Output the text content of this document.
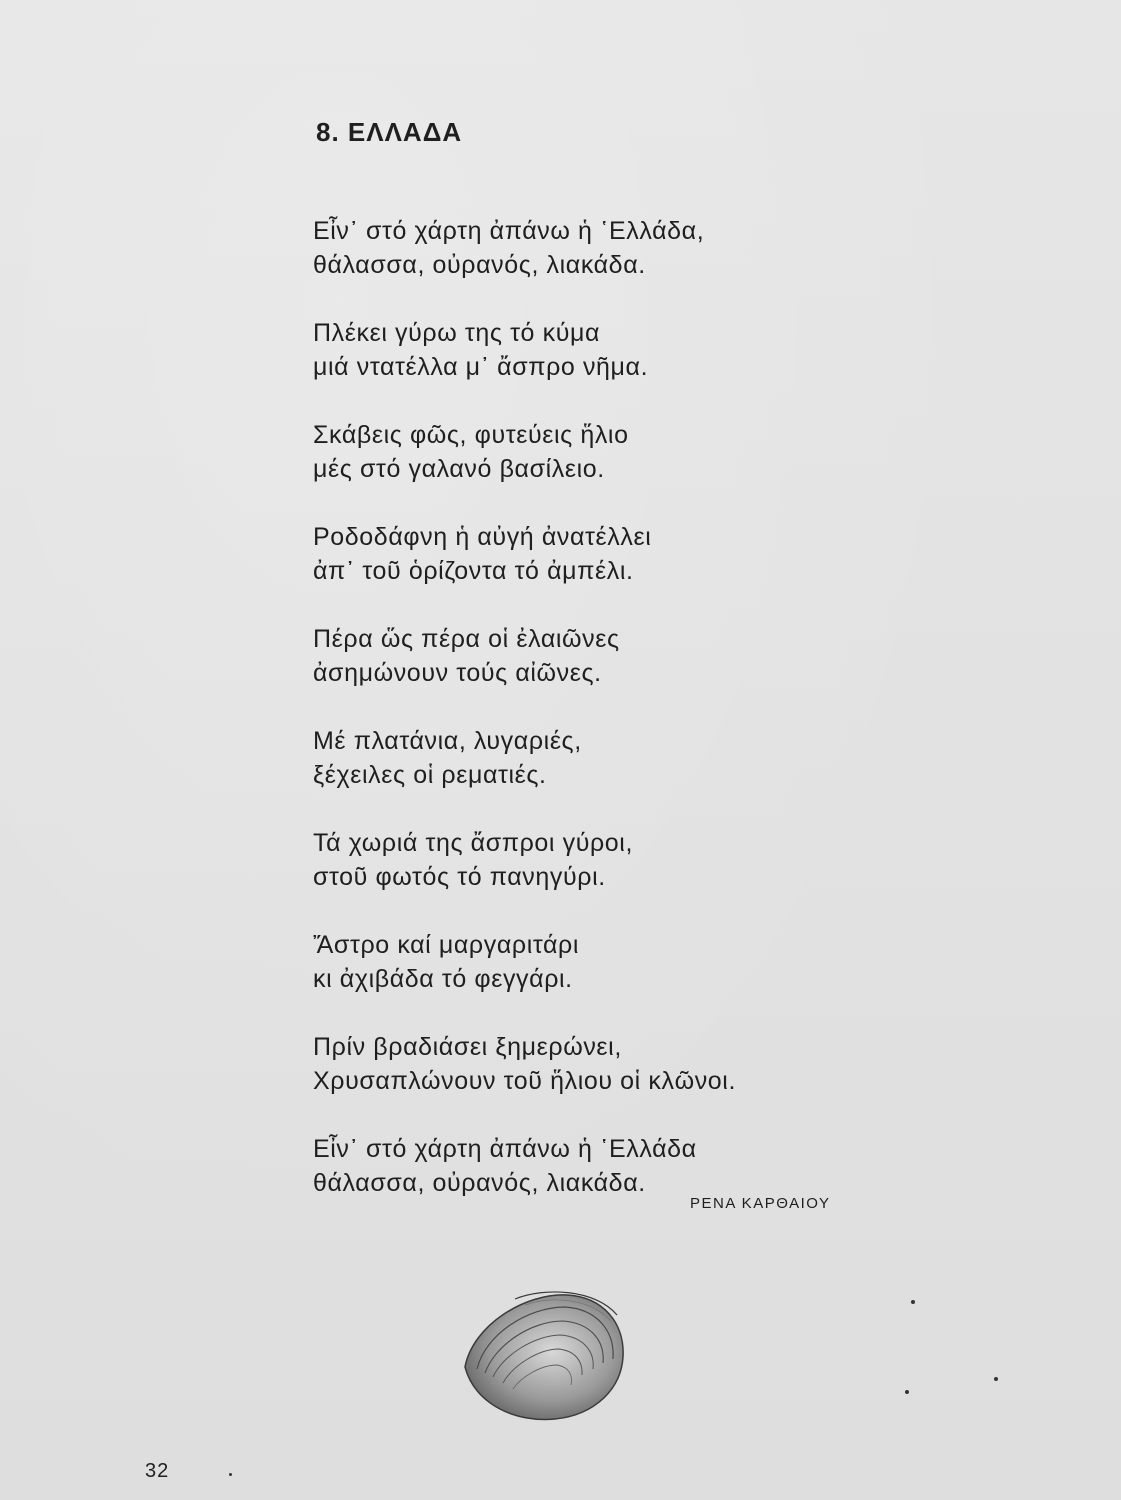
8. ΕΛΛΑΔΑ
Εἶν᾽ στό χάρτη ἀπάνω ἡ ῾Ελλάδα,
θάλασσα, οὐρανός, λιακάδα.
Πλέκει γύρω της τό κύμα
μιά ντατέλλα μ᾽ ἄσπρο νῆμα.
Σκάβεις φῶς, φυτεύεις ἥλιο
μές στό γαλανό βασίλειο.
Ροδοδάφνη ἡ αὐγή ἀνατέλλει
ἀπ᾽ τοῦ ὁρίζοντα τό ἀμπέλι.
Πέρα ὥς πέρα οἱ ἐλαιῶνες
ἀσημώνουν τούς αἰῶνες.
Μέ πλατάνια, λυγαριές,
ξέχειλες οἱ ρεματιές.
Τά χωριά της ἄσπροι γύροι,
στοῦ φωτός τό πανηγύρι.
Ἄστρο καί μαργαριτάρι
κι ἀχιβάδα τό φεγγάρι.
Πρίν βραδιάσει ξημερώνει,
Χρυσαπλώνουν τοῦ ἥλιου οἱ κλῶνοι.
Εἶν᾽ στό χάρτη ἀπάνω ἡ ῾Ελλάδα
θάλασσα, οὐρανός, λιακάδα.
ΡΕΝΑ ΚΑΡΘΑΙΟΥ
32
